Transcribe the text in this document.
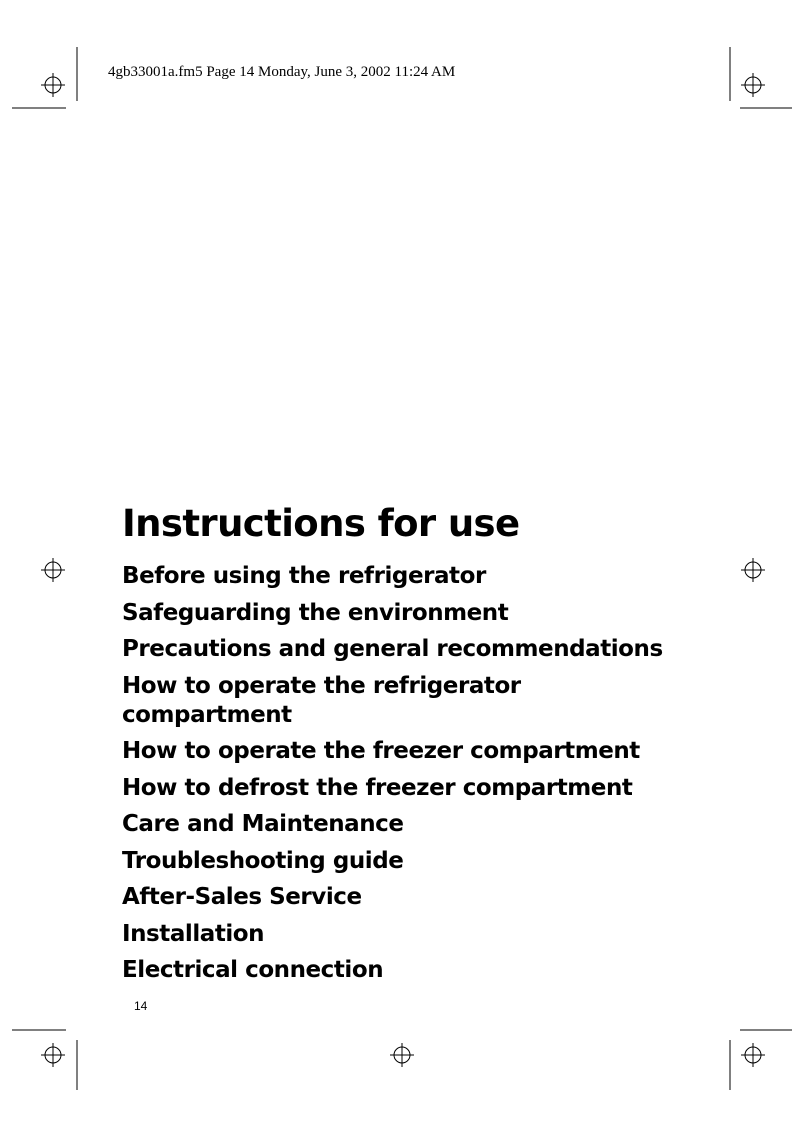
4gb33001a.fm5 Page 14 Monday, June 3, 2002 11:24 AM
Instructions for use
Before using the refrigerator
Safeguarding the environment
Precautions and general recommendations
How to operate the refrigerator compartment
How to operate the freezer compartment
How to defrost the freezer compartment
Care and Maintenance
Troubleshooting guide
After-Sales Service
Installation
Electrical connection
14
